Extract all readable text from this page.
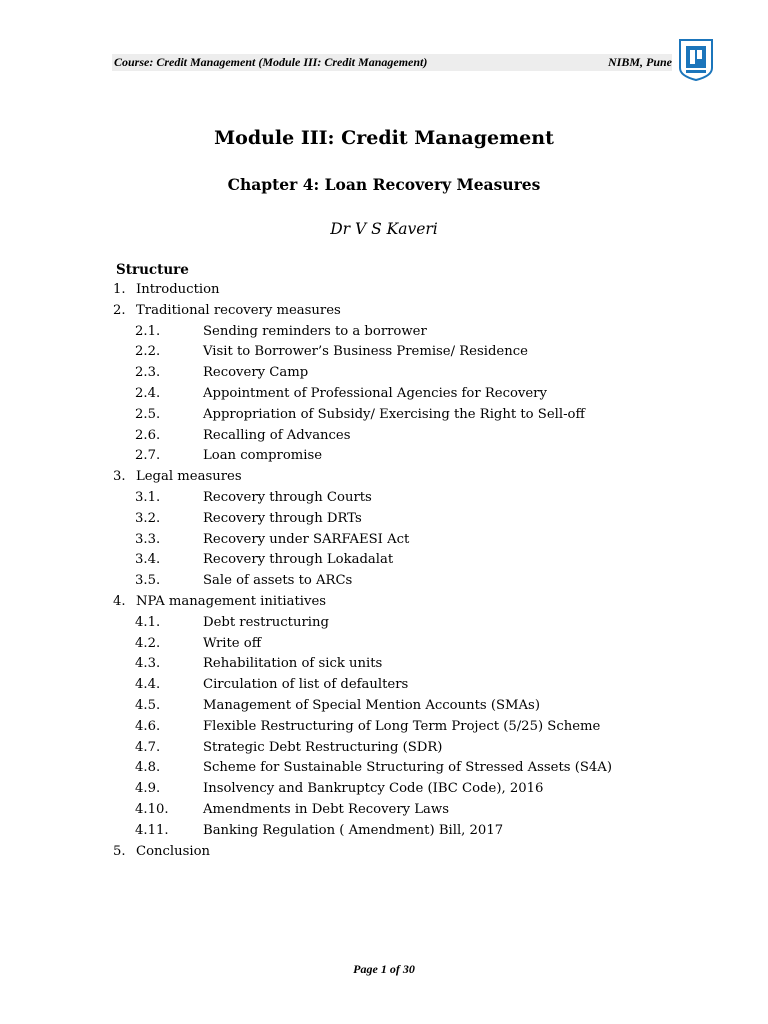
Course: Credit Management (Module III: Credit Management)	NIBM, Pune
Module III: Credit Management
Chapter 4: Loan Recovery Measures
Dr V S Kaveri
Structure
1. Introduction
2. Traditional recovery measures
2.1.	Sending reminders to a borrower
2.2.	Visit to Borrower’s Business Premise/ Residence
2.3.	Recovery Camp
2.4.	Appointment of Professional Agencies for Recovery
2.5.	Appropriation of Subsidy/ Exercising the Right to Sell-off
2.6.	Recalling of Advances
2.7.	Loan compromise
3. Legal measures
3.1.	Recovery through Courts
3.2.	Recovery through DRTs
3.3.	Recovery under SARFAESI Act
3.4.	Recovery through Lokadalat
3.5.	Sale of assets to ARCs
4. NPA management initiatives
4.1.	Debt restructuring
4.2.	Write off
4.3.	Rehabilitation of sick units
4.4.	Circulation of list of defaulters
4.5.	Management of Special Mention Accounts (SMAs)
4.6.	Flexible Restructuring of Long Term Project (5/25) Scheme
4.7.	Strategic Debt Restructuring (SDR)
4.8.	Scheme for Sustainable Structuring of Stressed Assets (S4A)
4.9.	Insolvency and Bankruptcy Code (IBC Code), 2016
4.10.	Amendments in Debt Recovery Laws
4.11.	Banking Regulation ( Amendment) Bill, 2017
5. Conclusion
Page 1 of 30
